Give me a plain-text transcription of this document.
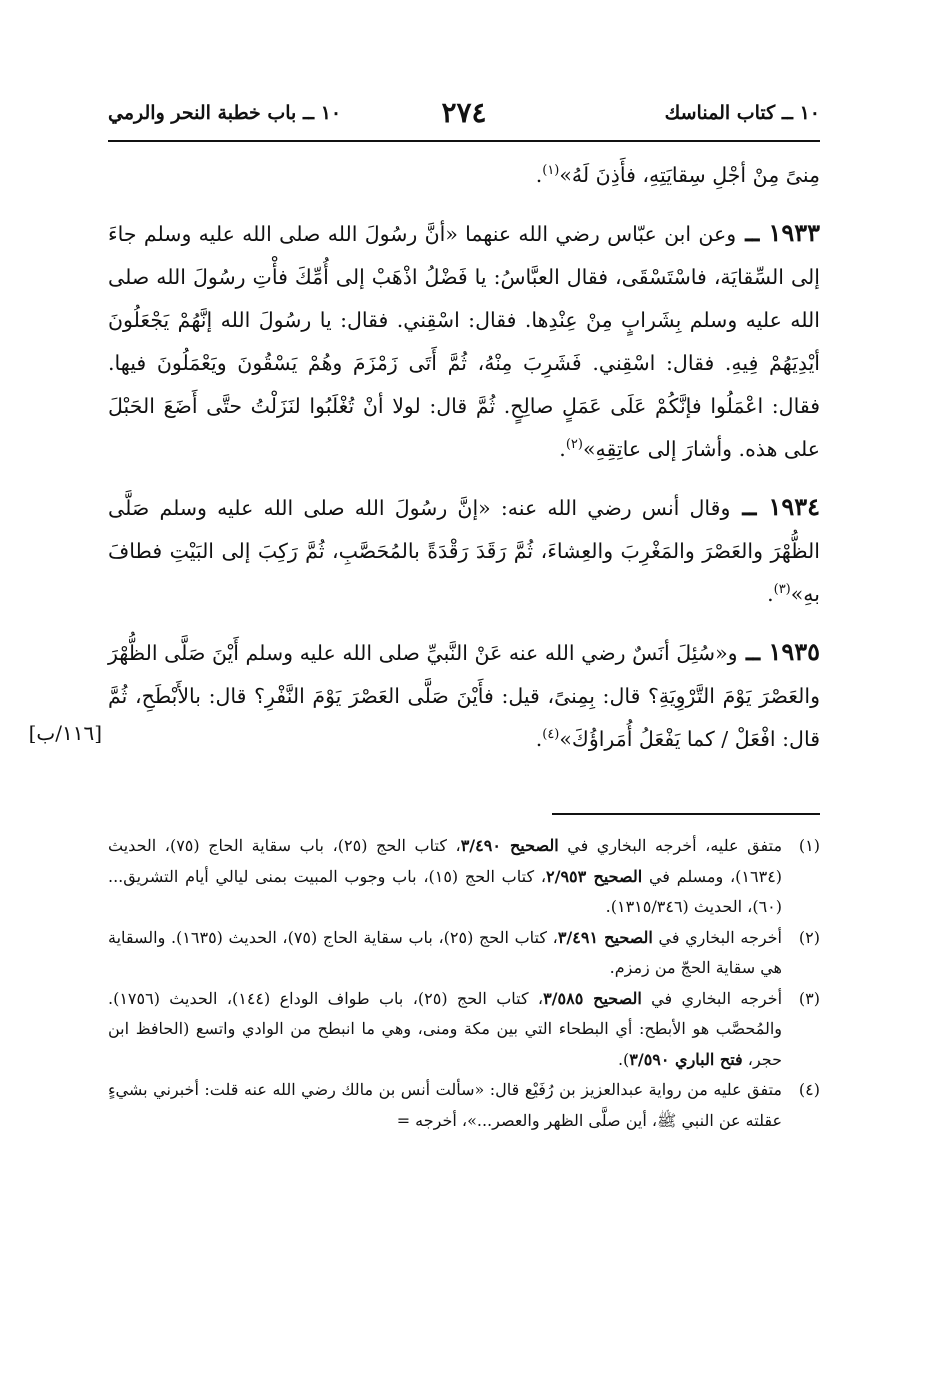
١٠ ــ كتاب المناسك
٢٧٤
١٠ ــ باب خطبة النحر والرمي

مِنىً مِنْ أجْلِ سِقايَتِهِ، فأَذِنَ لَهُ»$^{(١)}$.

١٩٣٣ ــ وعن ابن عبّاس رضي الله عنهما «أنَّ رسُولَ الله صلى الله عليه وسلم جاءَ إلى السِّقايَة، فاسْتَسْقَى، فقال العبَّاسُ: يا فَضْلُ اذْهَبْ إلى أُمِّكَ فأْتِ رسُولَ الله صلى الله عليه وسلم بِشَرابٍ مِنْ عِنْدِها. فقال: اسْقِني. فقال: يا رسُولَ الله إنَّهُمْ يَجْعَلُونَ أيْدِيَهُمْ فِيهِ. فقال: اسْقِني. فَشَرِبَ مِنْهُ، ثُمَّ أَتَى زَمْزَمَ وهُمْ يَسْقُونَ ويَعْمَلُونَ فيها. فقال: اعْمَلُوا فإنَّكُمْ عَلَى عَمَلٍ صالِحٍ. ثُمَّ قال: لولا أنْ تُغْلَبُوا لنَزَلْتُ حتَّى أَضَعَ الحَبْلَ على هذه. وأشارَ إلى عاتِقِهِ»$^{(٢)}$.

١٩٣٤ ــ وقال أنس رضي الله عنه: «إنَّ رسُولَ الله صلى الله عليه وسلم صَلَّى الظُّهْرَ والعَصْرَ والمَغْرِبَ والعِشاءَ، ثُمَّ رَقَدَ رَقْدَةً بالمُحَصَّبِ، ثُمَّ رَكِبَ إلى البَيْتِ فطافَ بهِ»$^{(٣)}$.

١٩٣٥ ــ و«سُئِلَ أنَسٌ رضي الله عنه عَنْ النَّبيِّ صلى الله عليه وسلم أَيْنَ صَلَّى الظُّهْرَ والعَصْرَ يَوْمَ التَّرْوِيَةِ؟ قال: بِمِنىً، قيل: فأَيْنَ صَلَّى العَصْرَ يَوْمَ النَّفْرِ؟ قال: بالأَبْطَحِ، ثُمَّ قال: افْعَلْ / كما يَفْعَلُ أُمَراؤُكَ»$^{(٤)}$.
[١١٦/ب]

(١)
متفق عليه، أخرجه البخاري في الصحيح ٣/٤٩٠، كتاب الحج (٢٥)، باب سقاية الحاج (٧٥)، الحديث (١٦٣٤)، ومسلم في الصحيح ٢/٩٥٣، كتاب الحج (١٥)، باب وجوب المبيت بمنى ليالي أيام التشريق... (٦٠)، الحديث (١٣١٥/٣٤٦).
(٢)
أخرجه البخاري في الصحيح ٣/٤٩١، كتاب الحج (٢٥)، باب سقاية الحاج (٧٥)، الحديث (١٦٣٥). والسقاية هي سقاية الحجّ من زمزم.
(٣)
أخرجه البخاري في الصحيح ٣/٥٨٥، كتاب الحج (٢٥)، باب طواف الوداع (١٤٤)، الحديث (١٧٥٦). والمُحصَّب هو الأبطح: أي البطحاء التي بين مكة ومنى، وهي ما انبطح من الوادي واتسع (الحافظ ابن حجر، فتح الباري ٣/٥٩٠).
(٤)
متفق عليه من رواية عبدالعزيز بن رُفَيْع قال: «سألت أنس بن مالك رضي الله عنه قلت: أخبرني بشيءٍ عقلته عن النبي ﷺ، أين صلَّى الظهر والعصر...»، أخرجه =
